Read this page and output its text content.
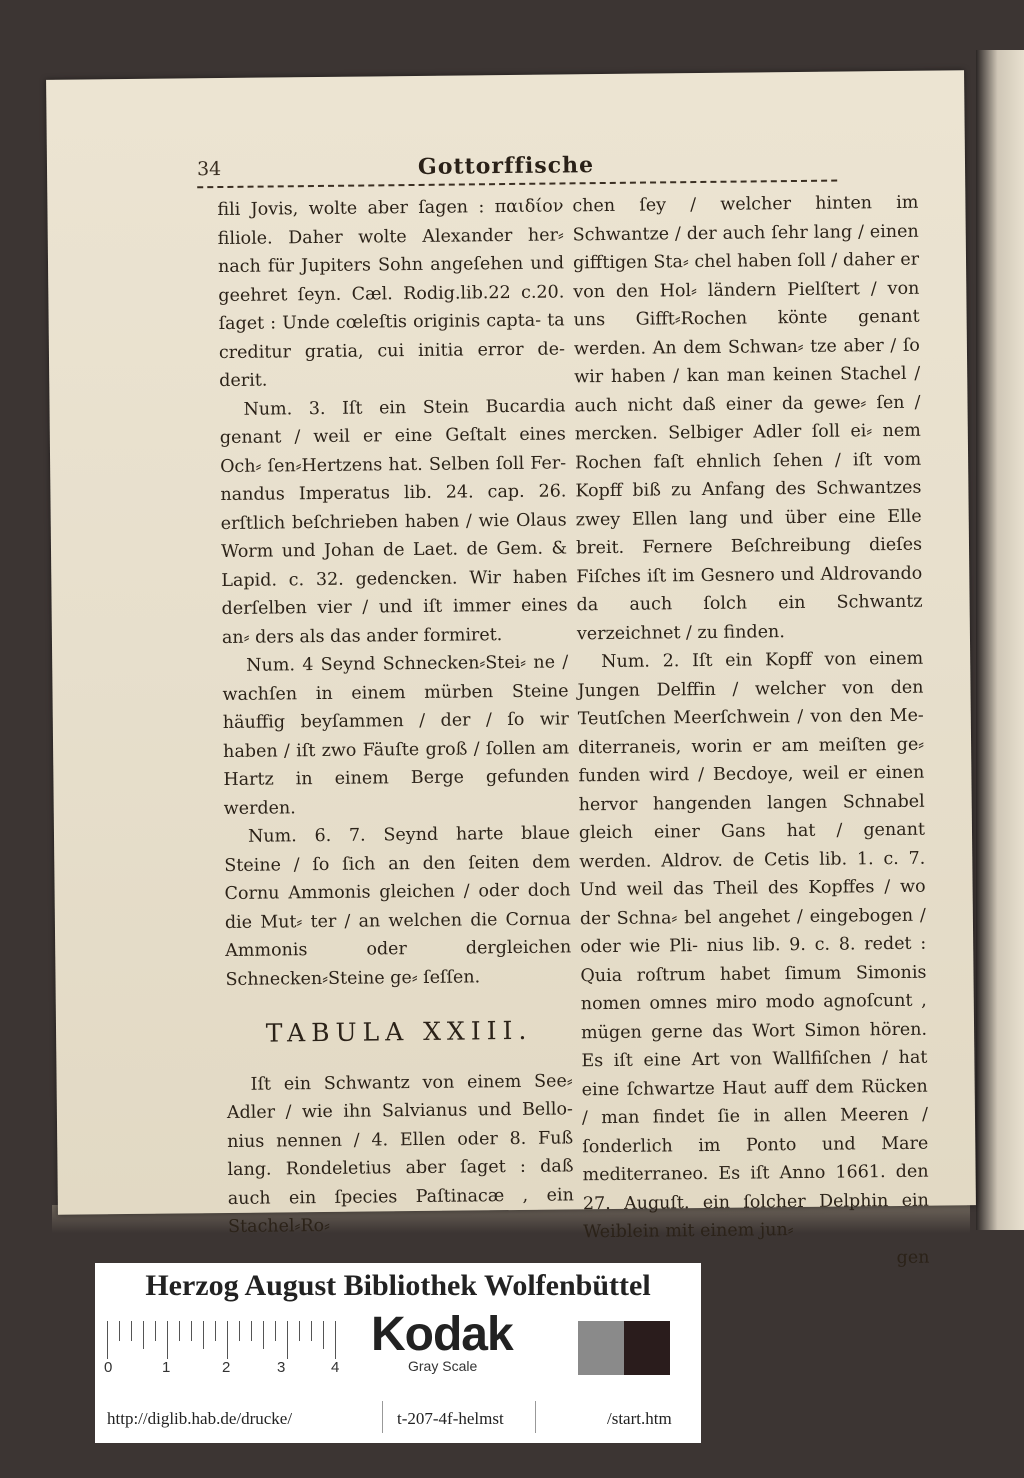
34	Gottorffische

fili Jovis, wolte aber ſagen : παιδίον filiole. Daher wolte Alexander her⸗ nach für Jupiters Sohn angeſehen und geehret ſeyn. Cæl. Rodig.lib.22 c.20. ſaget : Unde cœleſtis originis capta- ta creditur gratia, cui initia error de- derit.

Num. 3. Iſt ein Stein Bucardia genant / weil er eine Geſtalt eines Och⸗ ſen⸗Hertzens hat. Selben ſoll Fer- nandus Imperatus lib. 24. cap. 26. erſtlich beſchrieben haben / wie Olaus Worm und Johan de Laet. de Gem. & Lapid. c. 32. gedencken. Wir haben derſelben vier / und iſt immer eines an⸗ ders als das ander formiret.

Num. 4 Seynd Schnecken⸗Stei⸗ ne / wachſen in einem mürben Steine häuffig beyſammen / der / ſo wir haben / iſt zwo Fäuſte groß / ſollen am Hartz in einem Berge gefunden werden.

Num. 6. 7. Seynd harte blaue Steine / ſo ſich an den ſeiten dem Cornu Ammonis gleichen / oder doch die Mut⸗ ter / an welchen die Cornua Ammonis oder dergleichen Schnecken⸗Steine ge⸗ ſeſſen.

TABULA XXIII.

Iſt ein Schwantz von einem See⸗ Adler / wie ihn Salvianus und Bello- nius nennen / 4. Ellen oder 8. Fuß lang. Rondeletius aber ſaget : daß auch ein ſpecies Paſtinacæ , ein Stachel⸗Ro⸗

chen ſey / welcher hinten im Schwantze / der auch ſehr lang / einen gifftigen Sta⸗ chel haben ſoll / daher er von den Hol⸗ ländern Pielſtert / von uns Gifft⸗Rochen könte genant werden. An dem Schwan⸗ tze aber / ſo wir haben / kan man keinen Stachel / auch nicht daß einer da gewe⸗ ſen / mercken. Selbiger Adler ſoll ei⸗ nem Rochen faſt ehnlich ſehen / iſt vom Kopff biß zu Anfang des Schwantzes zwey Ellen lang und über eine Elle breit. Fernere Beſchreibung dieſes Fiſches iſt im Gesnero und Aldrovando da auch ſolch ein Schwantz verzeichnet / zu finden.

Num. 2. Iſt ein Kopff von einem Jungen Delffin / welcher von den Teutſchen Meerſchwein / von den Me- diterraneis, worin er am meiſten ge⸗ funden wird / Becdoye, weil er einen hervor hangenden langen Schnabel gleich einer Gans hat / genant werden. Aldrov. de Cetis lib. 1. c. 7. Und weil das Theil des Kopffes / wo der Schna⸗ bel angehet / eingebogen / oder wie Pli- nius lib. 9. c. 8. redet : Quia roſtrum habet ſimum Simonis nomen omnes miro modo agnoſcunt , mügen gerne das Wort Simon hören. Es iſt eine Art von Wallfiſchen / hat eine ſchwartze Haut auff dem Rücken / man findet ſie in allen Meeren / ſonderlich im Ponto und Mare mediterraneo. Es iſt Anno 1661. den 27. Auguſt. ein ſolcher Delphin ein Weiblein mit einem jun⸗

gen

Herzog August Bibliothek Wolfenbüttel
0	1	2	3	4
Kodak
Gray Scale
http://diglib.hab.de/drucke/	t-207-4f-helmst	/start.htm
